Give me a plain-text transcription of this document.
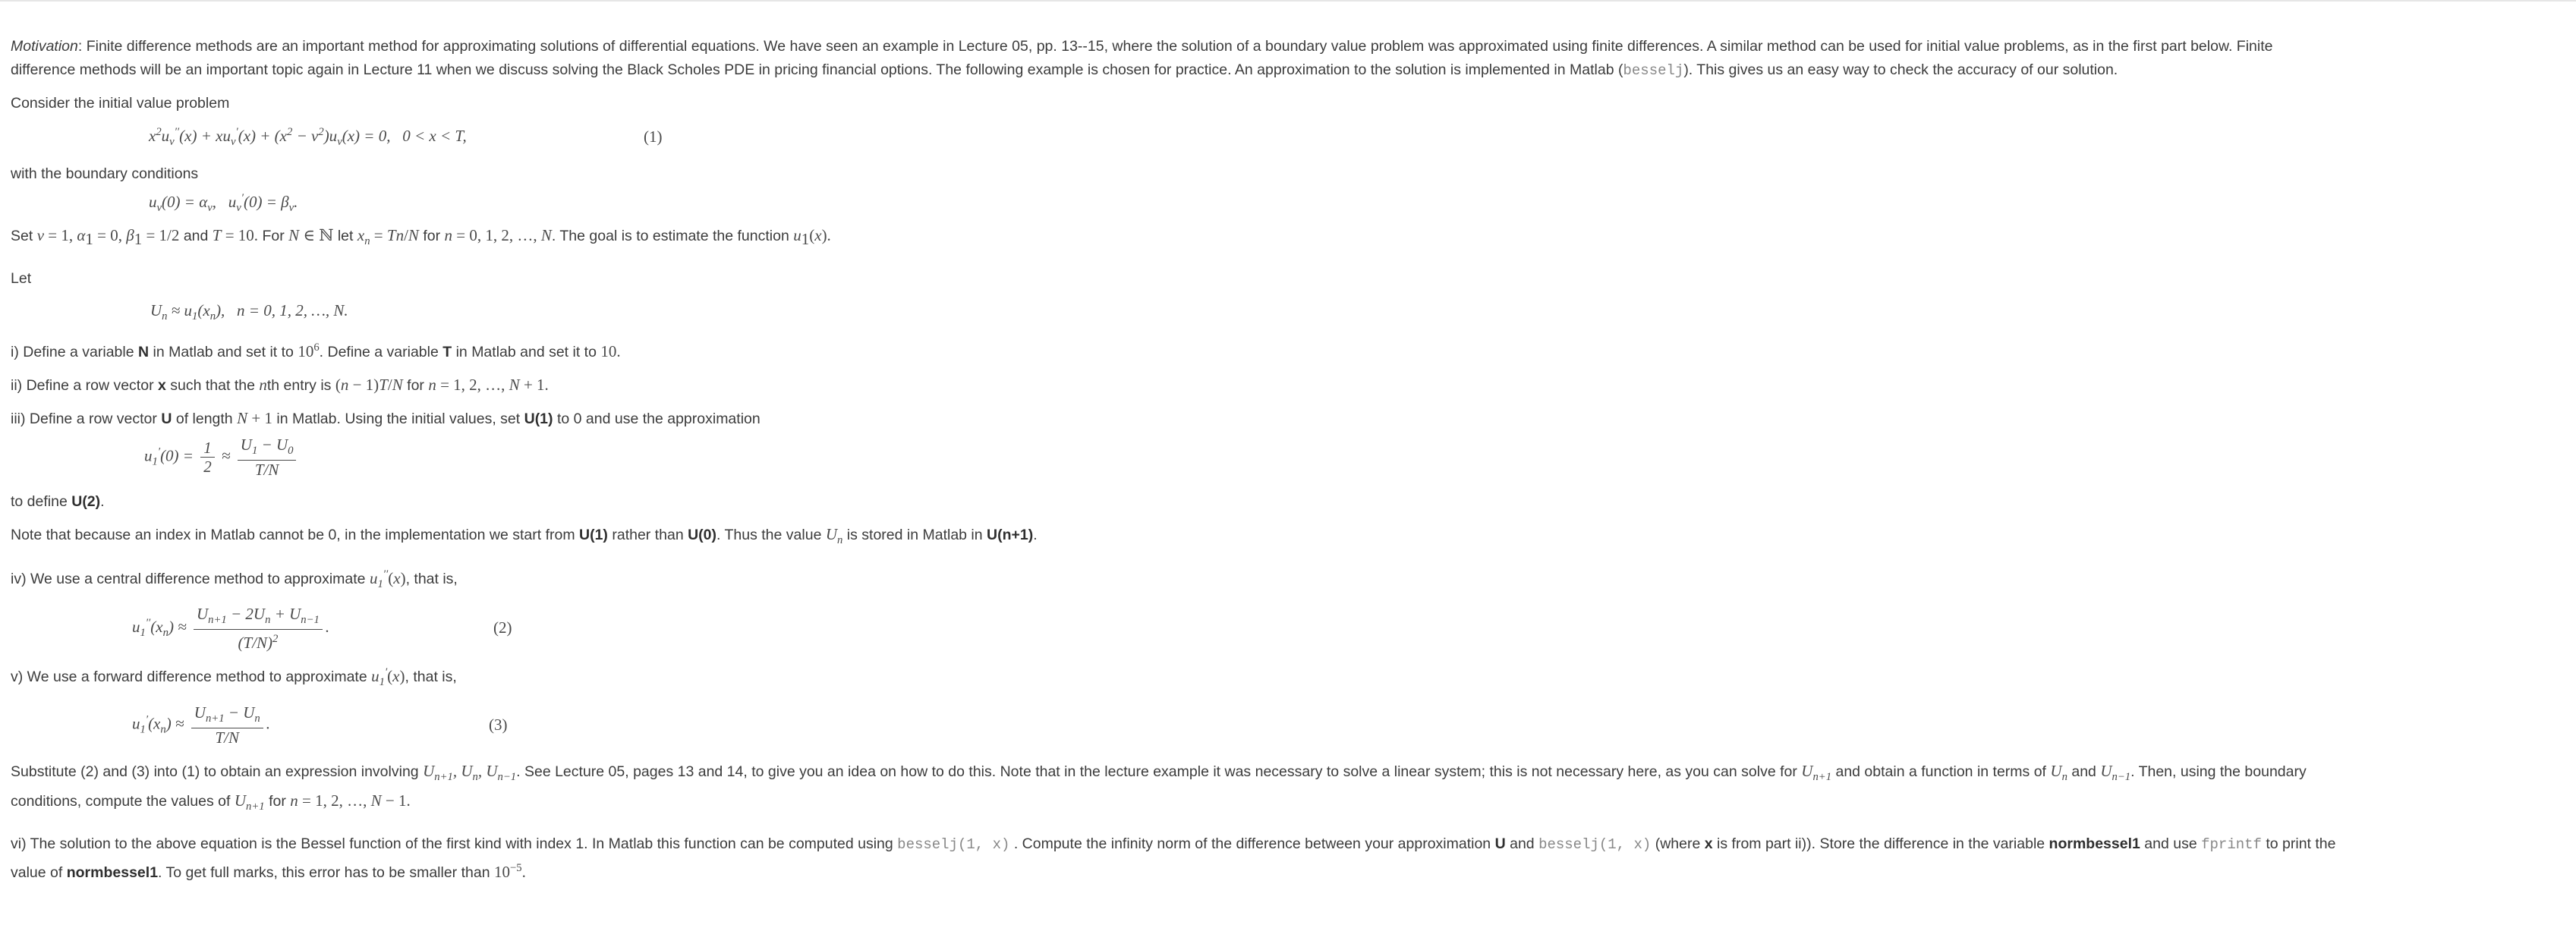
Motivation: Finite difference methods are an important method for approximating solutions of differential equations. We have seen an example in Lecture 05, pp. 13--15, where the solution of a boundary value problem was approximated using finite differences. A similar method can be used for initial value problems, as in the first part below. Finite
difference methods will be an important topic again in Lecture 11 when we discuss solving the Black Scholes PDE in pricing financial options. The following example is chosen for practice. An approximation to the solution is implemented in Matlab (besselj). This gives us an easy way to check the accuracy of our solution.

Consider the initial value problem

$x^2u_\nu''(x) + xu_\nu'(x) + (x^2 - \nu^2)u_\nu(x) = 0$,   0 < x < T,	(1)

with the boundary conditions

$u_\nu(0) = \alpha_\nu$,   $u_\nu'(0) = \beta_\nu$.

Set ν = 1, $\alpha_1 = 0$, $\beta_1 = 1/2$ and T = 10. For N ∈ ℕ let $x_n = Tn/N$ for n = 0, 1, 2, …, N. The goal is to estimate the function $u_1(x)$.

Let

$U_n \approx u_1(x_n)$,   n = 0, 1, 2, …, N.

i) Define a variable N in Matlab and set it to $10^6$. Define a variable T in Matlab and set it to 10.

ii) Define a row vector x such that the nth entry is (n − 1)T/N for n = 1, 2, …, N + 1.

iii) Define a row vector U of length N + 1 in Matlab. Using the initial values, set U(1) to 0 and use the approximation

$u_1'(0) = \frac{1}{2} \approx \frac{U_1 - U_0}{T/N}$

to define U(2).

Note that because an index in Matlab cannot be 0, in the implementation we start from U(1) rather than U(0). Thus the value $U_n$ is stored in Matlab in U(n+1).

iv) We use a central difference method to approximate $u_1''(x)$, that is,

$u_1''(x_n) \approx \frac{U_{n+1} - 2U_n + U_{n-1}}{(T/N)^2}$ .	(2)

v) We use a forward difference method to approximate $u_1'(x)$, that is,

$u_1'(x_n) \approx \frac{U_{n+1} - U_n}{T/N}$ .	(3)

Substitute (2) and (3) into (1) to obtain an expression involving $U_{n+1}$, $U_n$, $U_{n-1}$. See Lecture 05, pages 13 and 14, to give you an idea on how to do this. Note that in the lecture example it was necessary to solve a linear system; this is not necessary here, as you can solve for $U_{n+1}$ and obtain a function in terms of $U_n$ and $U_{n-1}$. Then, using the boundary
conditions, compute the values of $U_{n+1}$ for n = 1, 2, …, N − 1.

vi) The solution to the above equation is the Bessel function of the first kind with index 1. In Matlab this function can be computed using besselj(1, x) . Compute the infinity norm of the difference between your approximation U and besselj(1, x) (where x is from part ii)). Store the difference in the variable normbessel1 and use fprintf to print the
value of normbessel1. To get full marks, this error has to be smaller than $10^{-5}$.
